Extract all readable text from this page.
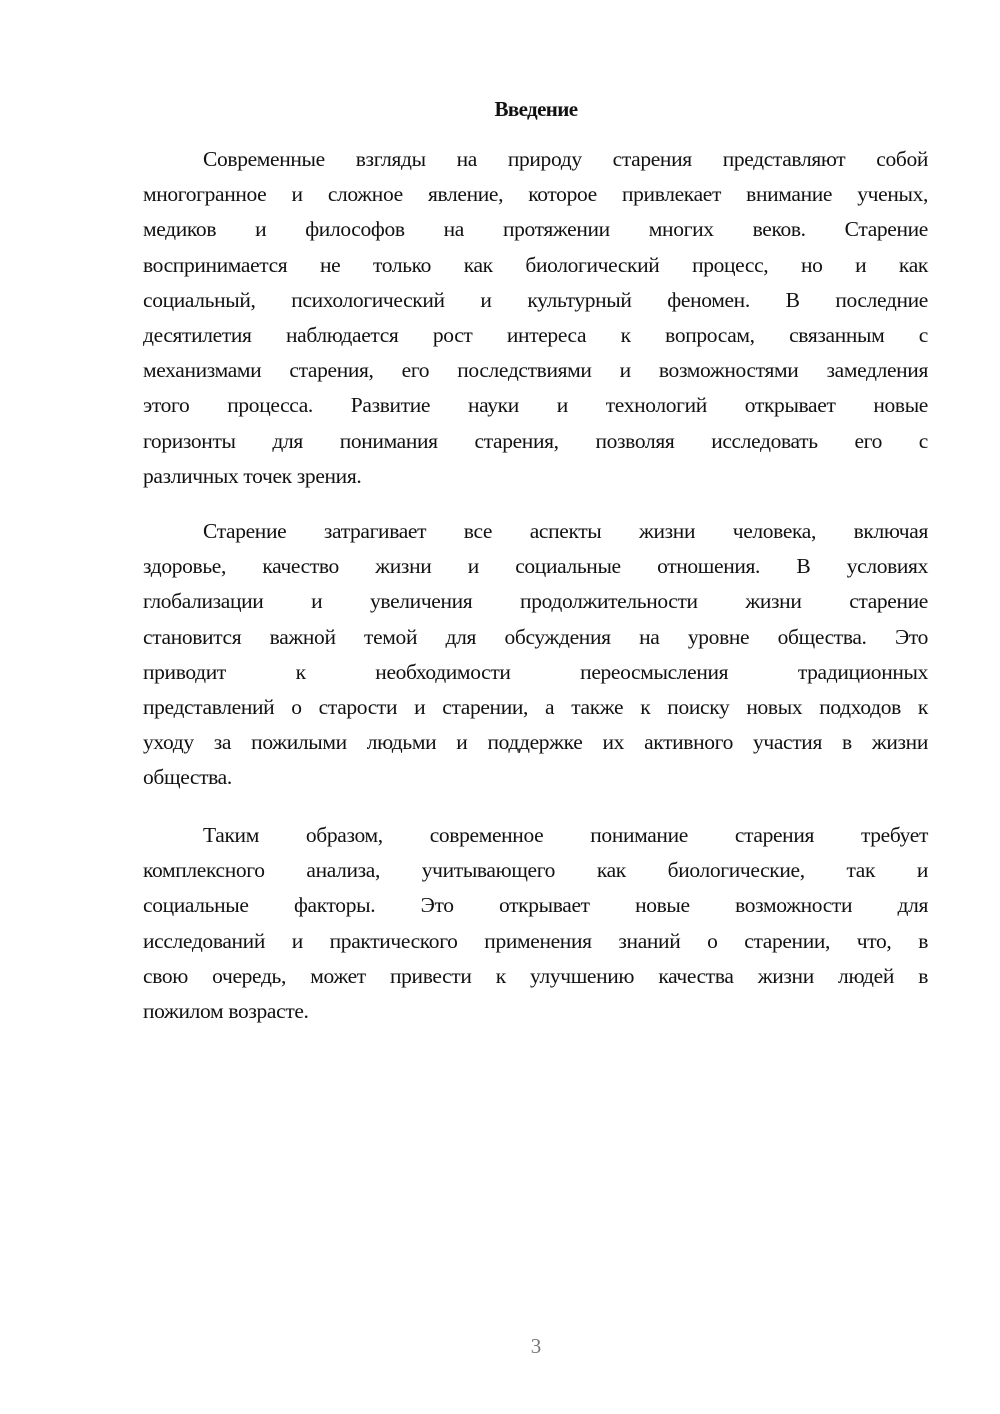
Введение
Современные взгляды на природу старения представляют собой
многогранное и сложное явление, которое привлекает внимание ученых,
медиков и философов на протяжении многих веков. Старение
воспринимается не только как биологический процесс, но и как
социальный, психологический и культурный феномен. В последние
десятилетия наблюдается рост интереса к вопросам, связанным с
механизмами старения, его последствиями и возможностями замедления
этого процесса. Развитие науки и технологий открывает новые
горизонты для понимания старения, позволяя исследовать его с
различных точек зрения.
Старение затрагивает все аспекты жизни человека, включая
здоровье, качество жизни и социальные отношения. В условиях
глобализации и увеличения продолжительности жизни старение
становится важной темой для обсуждения на уровне общества. Это
приводит к необходимости переосмысления традиционных
представлений о старости и старении, а также к поиску новых подходов к
уходу за пожилыми людьми и поддержке их активного участия в жизни
общества.
Таким образом, современное понимание старения требует
комплексного анализа, учитывающего как биологические, так и
социальные факторы. Это открывает новые возможности для
исследований и практического применения знаний о старении, что, в
свою очередь, может привести к улучшению качества жизни людей в
пожилом возрасте.
3
